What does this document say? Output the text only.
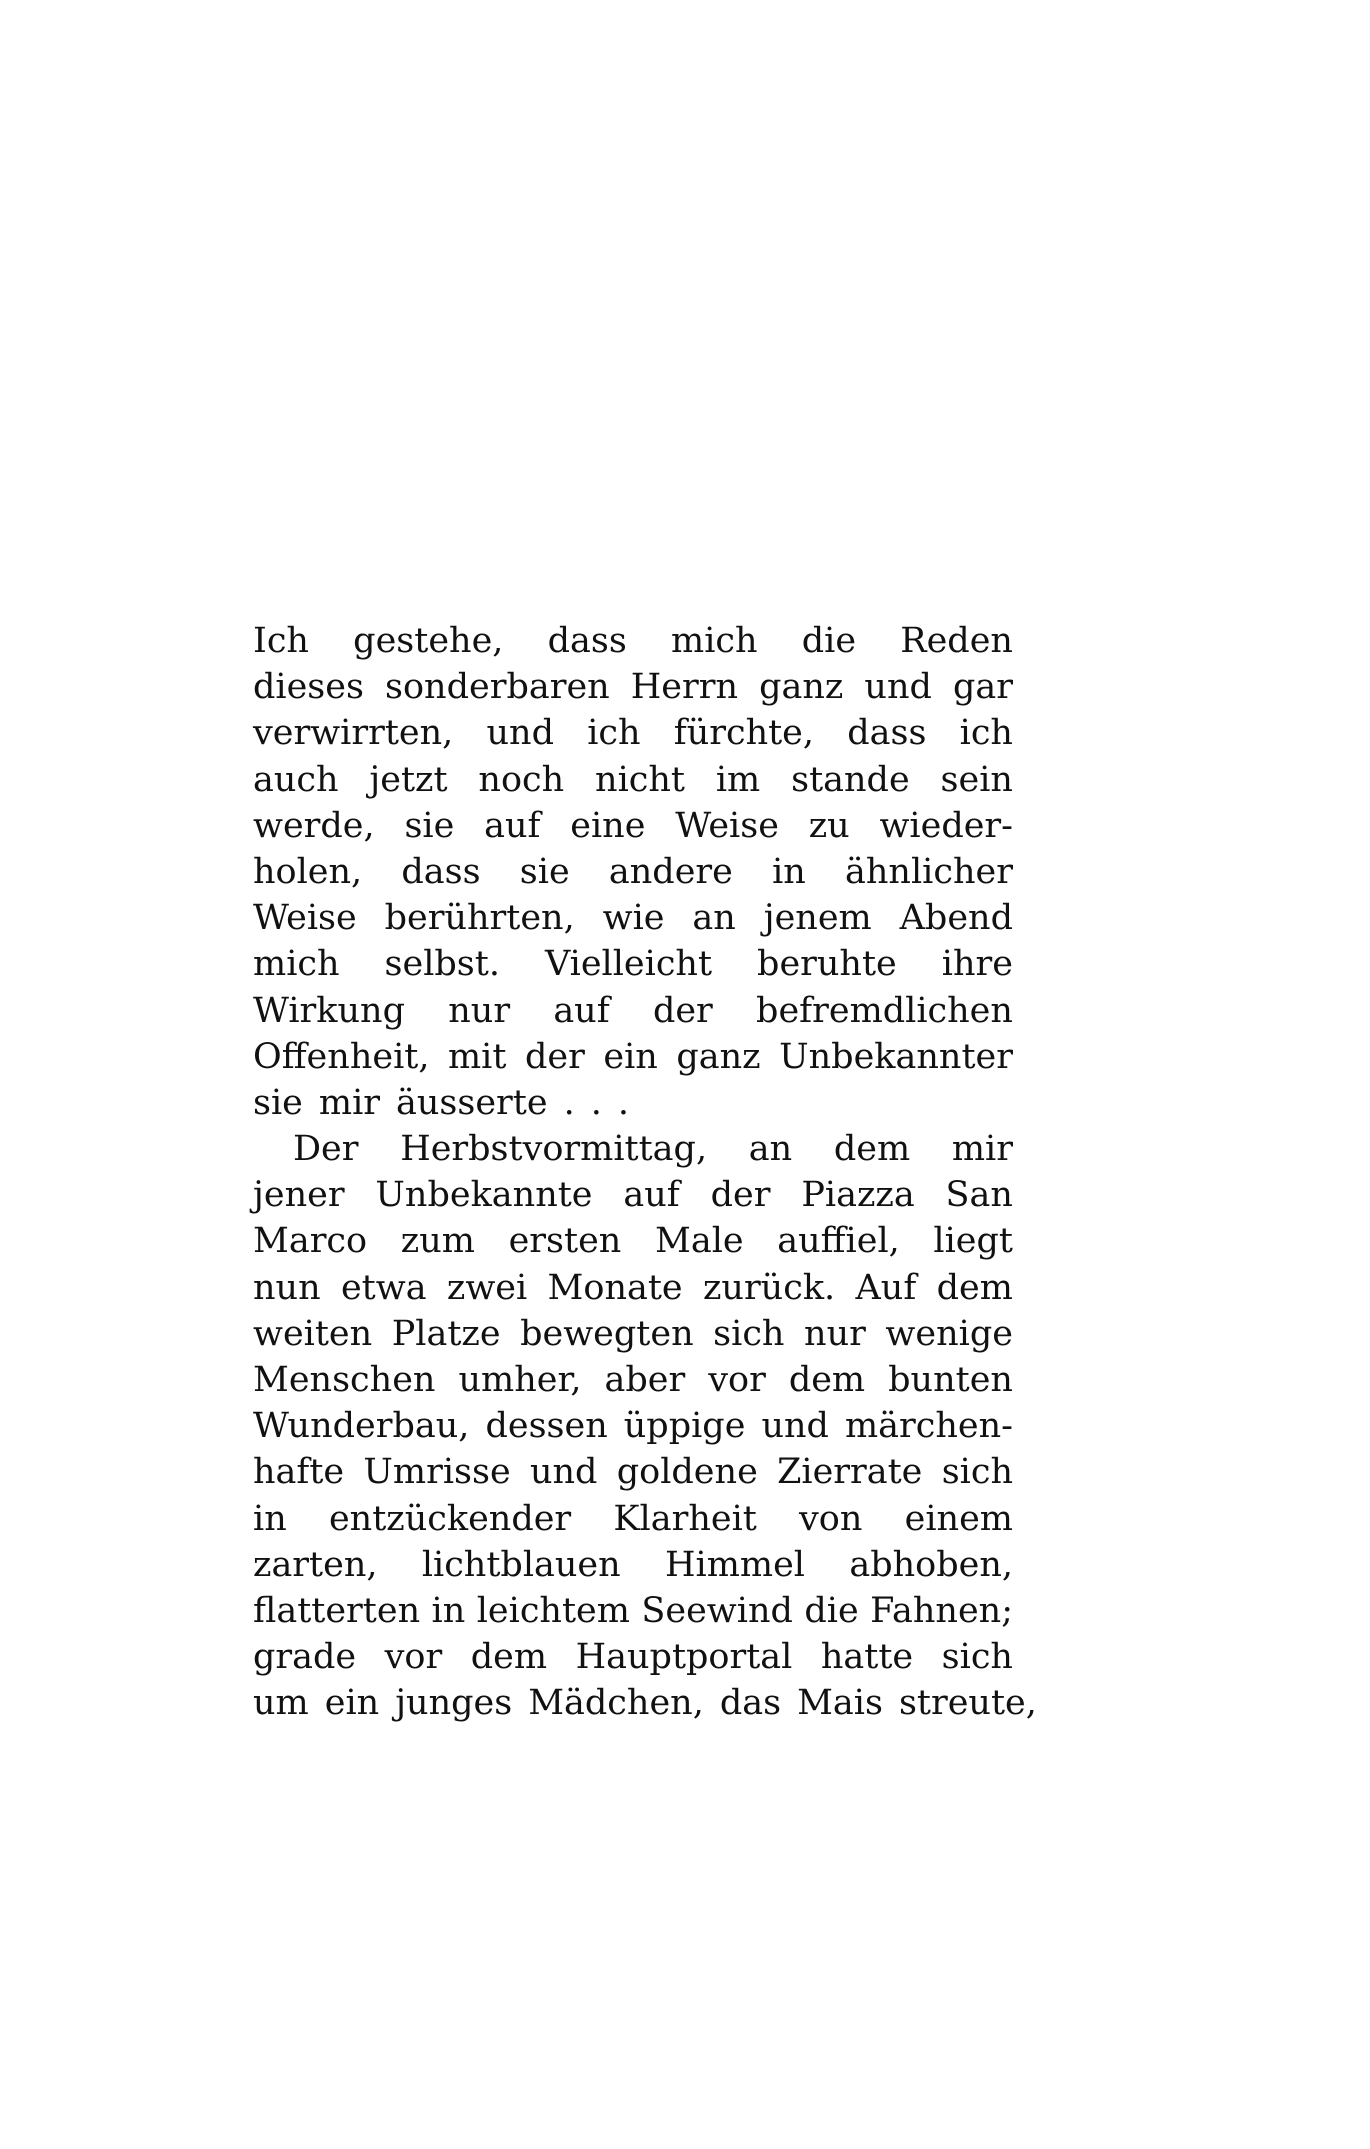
Ich gestehe, dass mich die Reden
dieses sonderbaren Herrn ganz und gar
verwirrten, und ich fürchte, dass ich
auch jetzt noch nicht im stande sein
werde, sie auf eine Weise zu wieder-
holen, dass sie andere in ähnlicher
Weise berührten, wie an jenem Abend
mich selbst. Vielleicht beruhte ihre
Wirkung nur auf der befremdlichen
Offenheit, mit der ein ganz Unbekannter
sie mir äusserte . . .
Der Herbstvormittag, an dem mir
jener Unbekannte auf der Piazza San
Marco zum ersten Male auffiel, liegt
nun etwa zwei Monate zurück. Auf dem
weiten Platze bewegten sich nur wenige
Menschen umher, aber vor dem bunten
Wunderbau, dessen üppige und märchen-
hafte Umrisse und goldene Zierrate sich
in entzückender Klarheit von einem
zarten, lichtblauen Himmel abhoben,
flatterten in leichtem Seewind die Fahnen;
grade vor dem Hauptportal hatte sich
um ein junges Mädchen, das Mais streute,
